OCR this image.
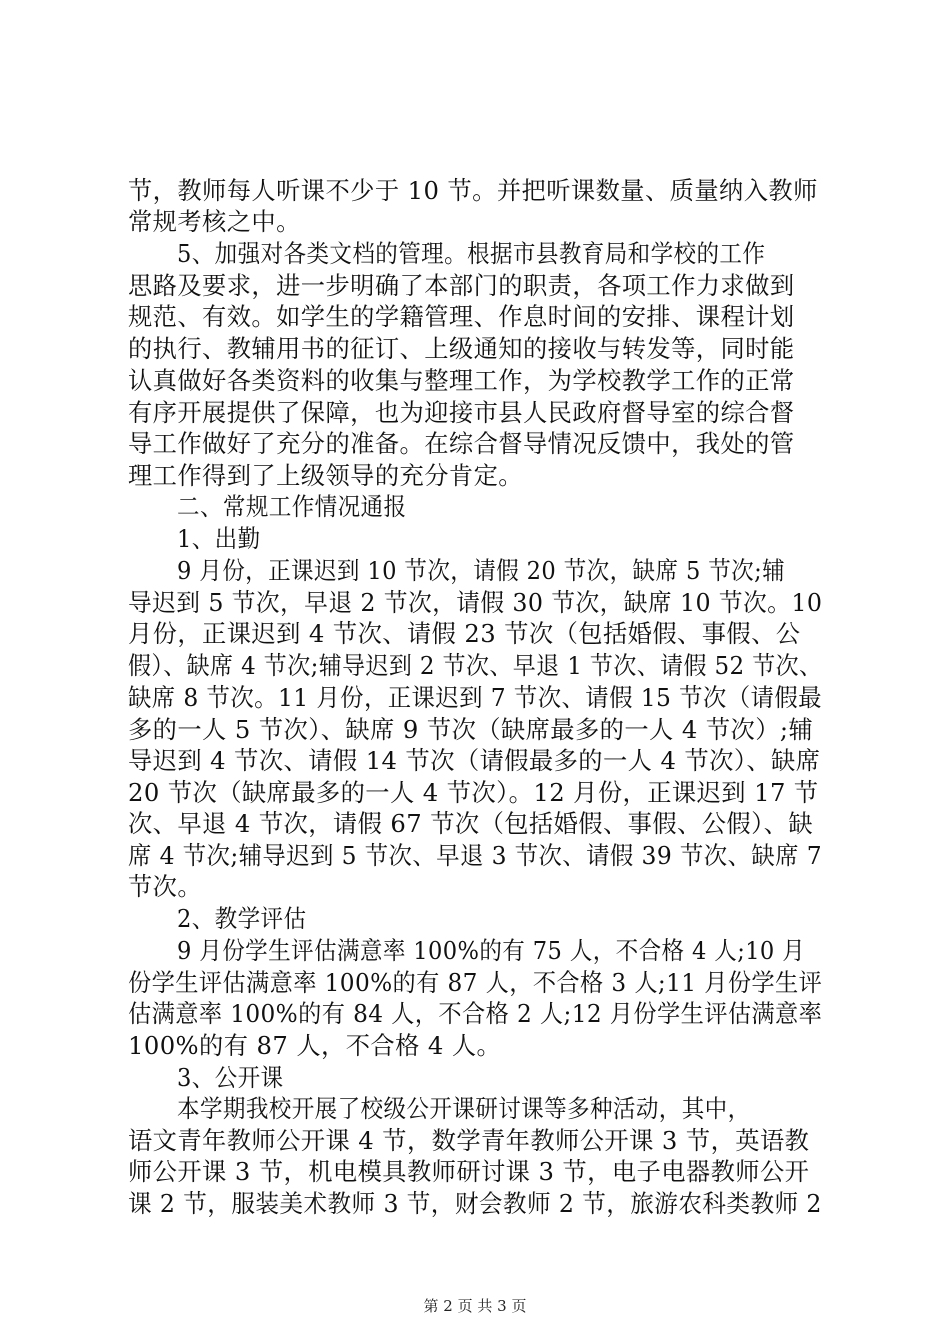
节，教师每人听课不少于 10 节。并把听课数量、质量纳入教师
常规考核之中。
5、加强对各类文档的管理。根据市县教育局和学校的工作
思路及要求，进一步明确了本部门的职责，各项工作力求做到
规范、有效。如学生的学籍管理、作息时间的安排、课程计划
的执行、教辅用书的征订、上级通知的接收与转发等，同时能
认真做好各类资料的收集与整理工作，为学校教学工作的正常
有序开展提供了保障，也为迎接市县人民政府督导室的综合督
导工作做好了充分的准备。在综合督导情况反馈中，我处的管
理工作得到了上级领导的充分肯定。
二、常规工作情况通报
1、出勤
9 月份，正课迟到 10 节次，请假 20 节次，缺席 5 节次;辅
导迟到 5 节次，早退 2 节次，请假 30 节次，缺席 10 节次。10
月份，正课迟到 4 节次、请假 23 节次（包括婚假、事假、公
假）、缺席 4 节次;辅导迟到 2 节次、早退 1 节次、请假 52 节次、
缺席 8 节次。11 月份，正课迟到 7 节次、请假 15 节次（请假最
多的一人 5 节次）、缺席 9 节次（缺席最多的一人 4 节次）;辅
导迟到 4 节次、请假 14 节次（请假最多的一人 4 节次）、缺席
20 节次（缺席最多的一人 4 节次）。12 月份，正课迟到 17 节
次、早退 4 节次，请假 67 节次（包括婚假、事假、公假）、缺
席 4 节次;辅导迟到 5 节次、早退 3 节次、请假 39 节次、缺席 7
节次。
2、教学评估
9 月份学生评估满意率 100%的有 75 人，不合格 4 人;10 月
份学生评估满意率 100%的有 87 人，不合格 3 人;11 月份学生评
估满意率 100%的有 84 人，不合格 2 人;12 月份学生评估满意率
100%的有 87 人，不合格 4 人。
3、公开课
本学期我校开展了校级公开课研讨课等多种活动，其中，
语文青年教师公开课 4 节，数学青年教师公开课 3 节，英语教
师公开课 3 节，机电模具教师研讨课 3 节，电子电器教师公开
课 2 节，服装美术教师 3 节，财会教师 2 节，旅游农科类教师 2
第 2 页 共 3 页
